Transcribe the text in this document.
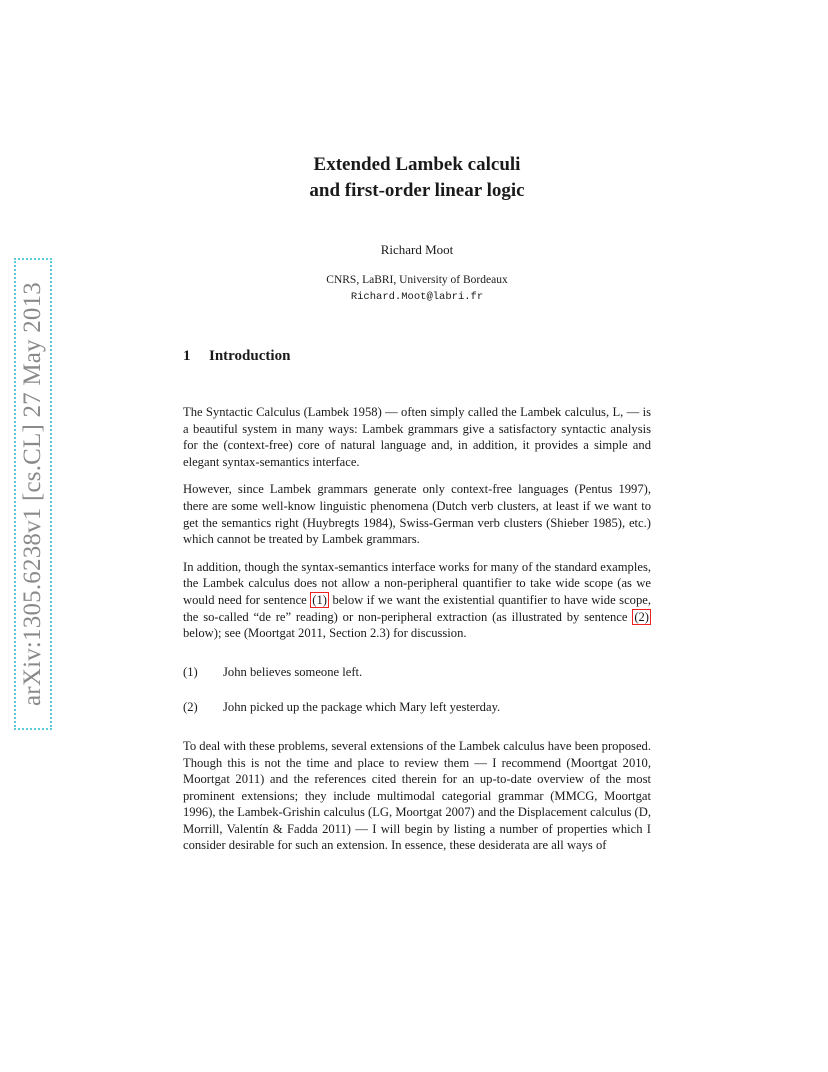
arXiv:1305.6238v1 [cs.CL] 27 May 2013
Extended Lambek calculi
and first-order linear logic
Richard Moot
CNRS, LaBRI, University of Bordeaux
Richard.Moot@labri.fr
1 Introduction

The Syntactic Calculus (Lambek 1958) — often simply called the Lambek calculus, L, — is a beautiful system in many ways: Lambek grammars give a satisfactory syntactic analysis for the (context-free) core of natural language and, in addition, it provides a simple and elegant syntax-semantics interface.

However, since Lambek grammars generate only context-free languages (Pentus 1997), there are some well-know linguistic phenomena (Dutch verb clusters, at least if we want to get the semantics right (Huybregts 1984), Swiss-German verb clusters (Shieber 1985), etc.) which cannot be treated by Lambek grammars.

In addition, though the syntax-semantics interface works for many of the standard examples, the Lambek calculus does not allow a non-peripheral quantifier to take wide scope (as we would need for sentence (1) below if we want the existential quantifier to have wide scope, the so-called “de re” reading) or non-peripheral extraction (as illustrated by sentence (2) below); see (Moortgat 2011, Section 2.3) for discussion.

(1) John believes someone left.
(2) John picked up the package which Mary left yesterday.

To deal with these problems, several extensions of the Lambek calculus have been proposed. Though this is not the time and place to review them — I recommend (Moortgat 2010, Moortgat 2011) and the references cited therein for an up-to-date overview of the most prominent extensions; they include multimodal categorial grammar (MMCG, Moortgat 1996), the Lambek-Grishin calculus (LG, Moortgat 2007) and the Displacement calculus (D, Morrill, Valentín & Fadda 2011) — I will begin by listing a number of properties which I consider desirable for such an extension. In essence, these desiderata are all ways of
